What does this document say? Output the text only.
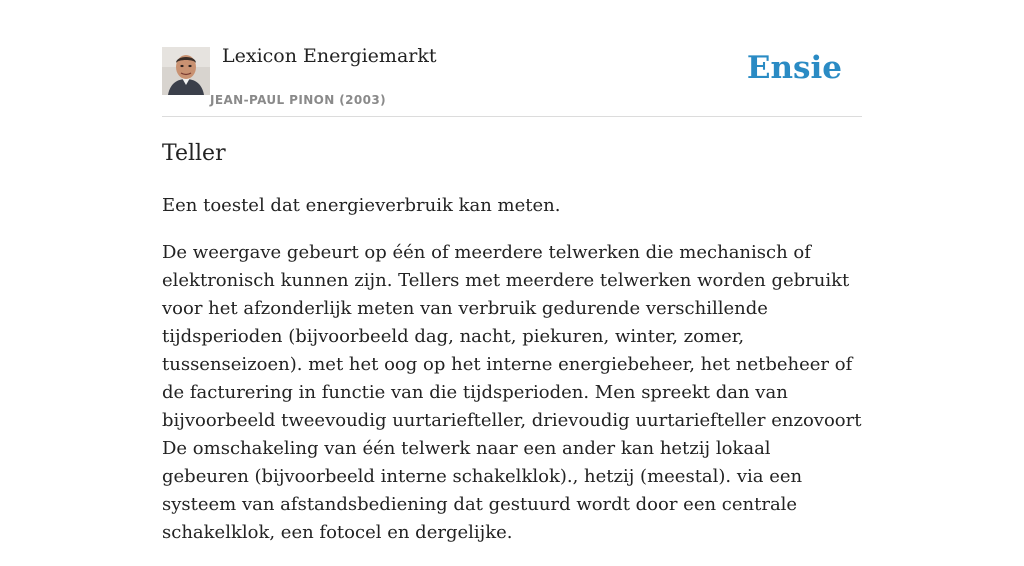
Lexicon Energiemarkt
JEAN-PAUL PINON (2003)
Ensie
Teller

Een toestel dat energieverbruik kan meten.

De weergave gebeurt op één of meerdere telwerken die mechanisch of elektronisch kunnen zijn. Tellers met meerdere telwerken worden gebruikt voor het afzonderlijk meten van verbruik gedurende verschillende tijdsperioden (bijvoorbeeld dag, nacht, piekuren, winter, zomer, tussenseizoen). met het oog op het interne energiebeheer, het netbeheer of de facturering in functie van die tijdsperioden. Men spreekt dan van bijvoorbeeld tweevoudig uurtariefteller, drievoudig uurtariefteller enzovoort De omschakeling van één telwerk naar een ander kan hetzij lokaal gebeuren (bijvoorbeeld interne schakelklok)., hetzij (meestal). via een systeem van afstandsbediening dat gestuurd wordt door een centrale schakelklok, een fotocel en dergelijke.
